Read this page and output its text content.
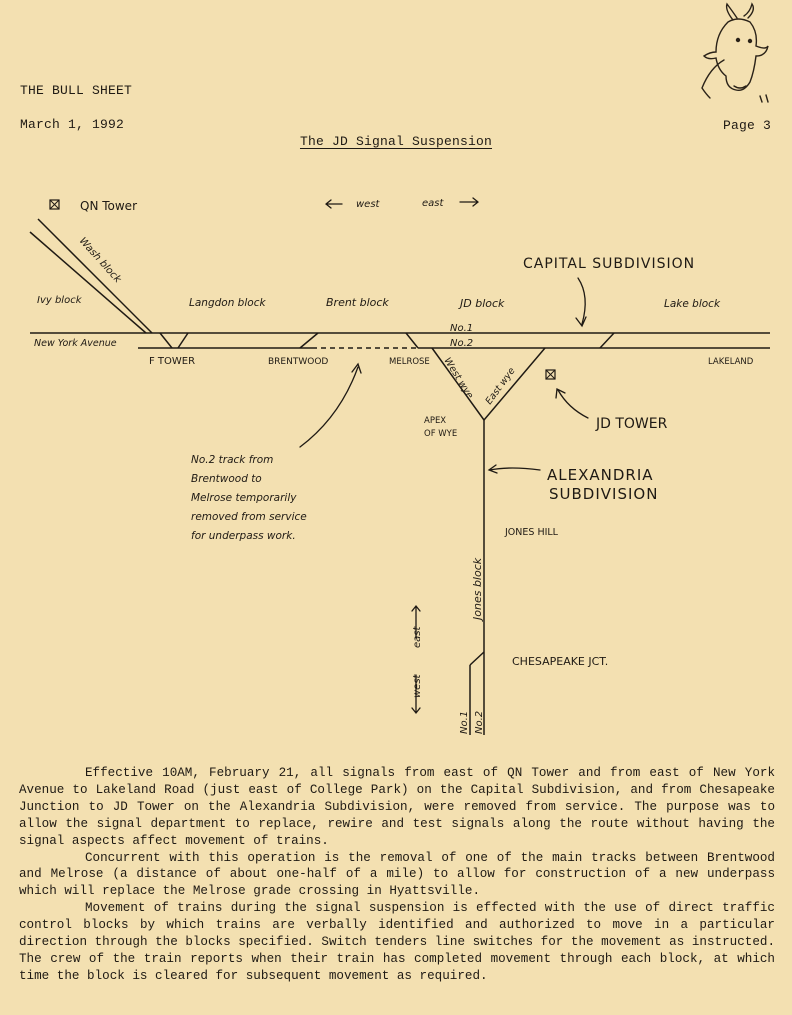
THE BULL SHEET
March 1, 1992	Page 3
The JD Signal Suspension
west	east
QN Tower
Wash block
Ivy block
New York Avenue
Langdon block	Brent block	JD block	Lake block
CAPITAL SUBDIVISION
No.1
No.2
F TOWER	BRENTWOOD	MELROSE	LAKELAND
West wye East wye
APEX OF WYE
JD TOWER
No.2 track from
Brentwood to
Melrose temporarily
removed from service
for underpass work.
ALEXANDRIA
SUBDIVISION
JONES HILL
Jones block
CHESAPEAKE JCT.
east
west
No.1 No.2

Effective 10AM, February 21, all signals from east of QN Tower and from east of New York Avenue to Lakeland Road (just east of College Park) on the Capital Subdivision, and from Chesapeake Junction to JD Tower on the Alexandria Subdivision, were removed from service. The purpose was to allow the signal department to replace, rewire and test signals along the route without having the signal aspects affect movement of trains.

Concurrent with this operation is the removal of one of the main tracks between Brentwood and Melrose (a distance of about one-half of a mile) to allow for construction of a new underpass which will replace the Melrose grade crossing in Hyattsville.

Movement of trains during the signal suspension is effected with the use of direct traffic control blocks by which trains are verbally identified and authorized to move in a particular direction through the blocks specified. Switch tenders line switches for the movement as instructed. The crew of the train reports when their train has completed movement through each block, at which time the block is cleared for subsequent movement as required.
